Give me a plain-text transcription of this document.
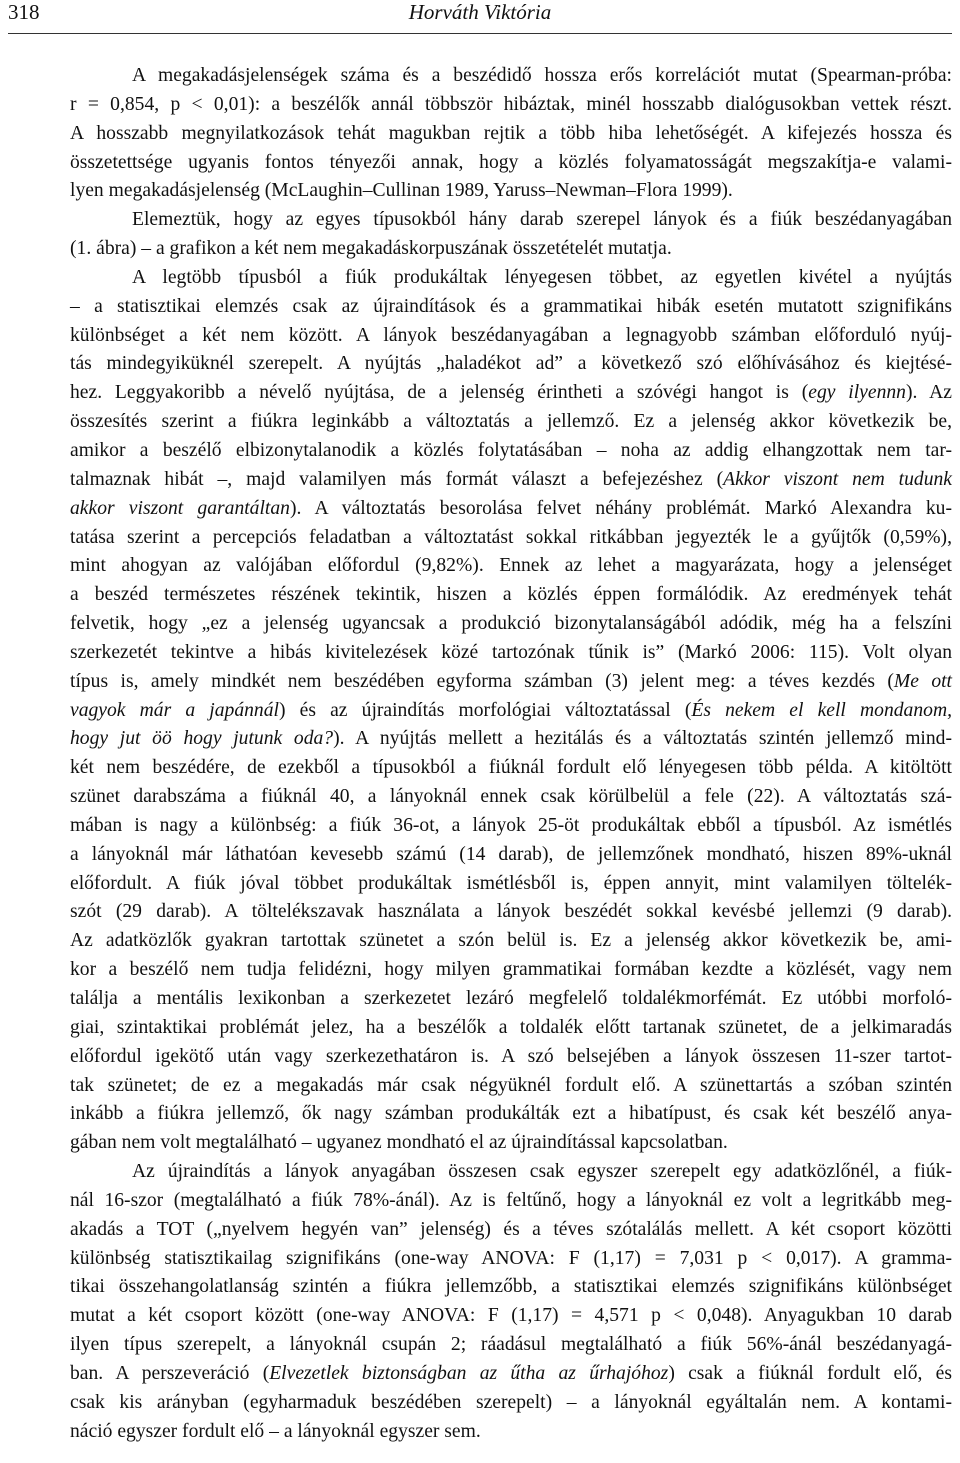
318	Horváth Viktória

A megakadásjelenségek száma és a beszédidő hossza erős korrelációt mutat (Spearman-próba:
r = 0,854, p < 0,01): a beszélők annál többször hibáztak, minél hosszabb dialógusokban vettek részt.
A hosszabb megnyilatkozások tehát magukban rejtik a több hiba lehetőségét. A kifejezés hossza és
összetettsége ugyanis fontos tényezői annak, hogy a közlés folyamatosságát megszakítja-e valami-
lyen megakadásjelenség (McLaughin–Cullinan 1989, Yaruss–Newman–Flora 1999).

Elemeztük, hogy az egyes típusokból hány darab szerepel lányok és a fiúk beszédanyagában
(1. ábra) – a grafikon a két nem megakadáskorpuszának összetételét mutatja.

A legtöbb típusból a fiúk produkáltak lényegesen többet, az egyetlen kivétel a nyújtás
– a statisztikai elemzés csak az újraindítások és a grammatikai hibák esetén mutatott szignifikáns
különbséget a két nem között. A lányok beszédanyagában a legnagyobb számban előforduló nyúj-
tás mindegyiküknél szerepelt. A nyújtás „haladékot ad” a következő szó előhívásához és kiejtésé-
hez. Leggyakoribb a névelő nyújtása, de a jelenség érintheti a szóvégi hangot is (egy ilyennn). Az
összesítés szerint a fiúkra leginkább a változtatás a jellemző. Ez a jelenség akkor következik be,
amikor a beszélő elbizonytalanodik a közlés folytatásában – noha az addig elhangzottak nem tar-
talmaznak hibát –, majd valamilyen más formát választ a befejezéshez (Akkor viszont nem tudunk
akkor viszont garantáltan). A változtatás besorolása felvet néhány problémát. Markó Alexandra ku-
tatása szerint a percepciós feladatban a változtatást sokkal ritkábban jegyezték le a gyűjtők (0,59%),
mint ahogyan az valójában előfordul (9,82%). Ennek az lehet a magyarázata, hogy a jelenséget
a beszéd természetes részének tekintik, hiszen a közlés éppen formálódik. Az eredmények tehát
felvetik, hogy „ez a jelenség ugyancsak a produkció bizonytalanságából adódik, még ha a felszíni
szerkezetét tekintve a hibás kivitelezések közé tartozónak tűnik is” (Markó 2006: 115). Volt olyan
típus is, amely mindkét nem beszédében egyforma számban (3) jelent meg: a téves kezdés (Me ott
vagyok már a japánnál) és az újraindítás morfológiai változtatással (És nekem el kell mondanom,
hogy jut öö hogy jutunk oda?). A nyújtás mellett a hezitálás és a változtatás szintén jellemző mind-
két nem beszédére, de ezekből a típusokból a fiúknál fordult elő lényegesen több példa. A kitöltött
szünet darabszáma a fiúknál 40, a lányoknál ennek csak körülbelül a fele (22). A változtatás szá-
mában is nagy a különbség: a fiúk 36-ot, a lányok 25-öt produkáltak ebből a típusból. Az ismétlés
a lányoknál már láthatóan kevesebb számú (14 darab), de jellemzőnek mondható, hiszen 89%-uknál
előfordult. A fiúk jóval többet produkáltak ismétlésből is, éppen annyit, mint valamilyen töltelék-
szót (29 darab). A töltelékszavak használata a lányok beszédét sokkal kevésbé jellemzi (9 darab).
Az adatközlők gyakran tartottak szünetet a szón belül is. Ez a jelenség akkor következik be, ami-
kor a beszélő nem tudja felidézni, hogy milyen grammatikai formában kezdte a közlését, vagy nem
találja a mentális lexikonban a szerkezetet lezáró megfelelő toldalékmorfémát. Ez utóbbi morfoló-
giai, szintaktikai problémát jelez, ha a beszélők a toldalék előtt tartanak szünetet, de a jelkimaradás
előfordul igekötő után vagy szerkezethatáron is. A szó belsejében a lányok összesen 11-szer tartot-
tak szünetet; de ez a megakadás már csak négyüknél fordult elő. A szünettartás a szóban szintén
inkább a fiúkra jellemző, ők nagy számban produkálták ezt a hibatípust, és csak két beszélő anya-
gában nem volt megtalálható – ugyanez mondható el az újraindítással kapcsolatban.

Az újraindítás a lányok anyagában összesen csak egyszer szerepelt egy adatközlőnél, a fiúk-
nál 16-szor (megtalálható a fiúk 78%-ánál). Az is feltűnő, hogy a lányoknál ez volt a legritkább meg-
akadás a TOT („nyelvem hegyén van” jelenség) és a téves szótalálás mellett. A két csoport közötti
különbség statisztikailag szignifikáns (one-way ANOVA: F (1,17) = 7,031 p < 0,017). A gramma-
tikai összehangolatlanság szintén a fiúkra jellemzőbb, a statisztikai elemzés szignifikáns különbséget
mutat a két csoport között (one-way ANOVA: F (1,17) = 4,571 p < 0,048). Anyagukban 10 darab
ilyen típus szerepelt, a lányoknál csupán 2; ráadásul megtalálható a fiúk 56%-ánál beszédanyagá-
ban. A perszeveráció (Elvezetlek biztonságban az űtha az űrhajóhoz) csak a fiúknál fordult elő, és
csak kis arányban (egyharmaduk beszédében szerepelt) – a lányoknál egyáltalán nem. A kontami-
náció egyszer fordult elő – a lányoknál egyszer sem.
